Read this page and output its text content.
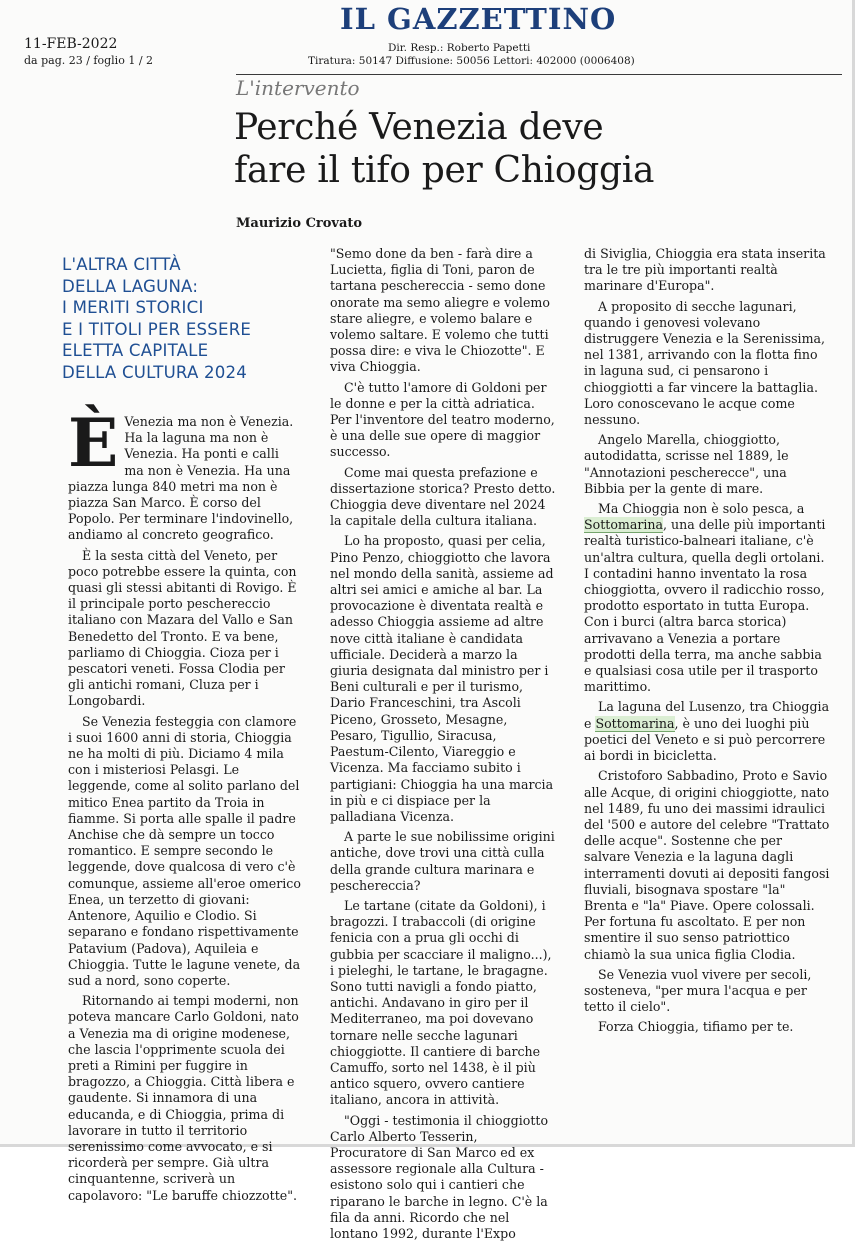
IL GAZZETTINO
11-FEB-2022
da pag. 23 / foglio 1 / 2
Dir. Resp.: Roberto Papetti
Tiratura: 50147 Diffusione: 50056 Lettori: 402000 (0006408)
L'intervento
Perché Venezia deve
fare il tifo per Chioggia
Maurizio Crovato
L'ALTRA CITTÀ
DELLA LAGUNA:
I MERITI STORICI
E I TITOLI PER ESSERE
ELETTA CAPITALE
DELLA CULTURA 2024

È Venezia ma non è Venezia. Ha la laguna ma non è Venezia. Ha ponti e calli ma non è Venezia. Ha una piazza lunga 840 metri ma non è piazza San Marco. È corso del Popolo. Per terminare l'indovinello, andiamo al concreto geografico.

È la sesta città del Veneto, per poco potrebbe essere la quinta, con quasi gli stessi abitanti di Rovigo. È il principale porto peschereccio italiano con Mazara del Vallo e San Benedetto del Tronto. E va bene, parliamo di Chioggia. Cioza per i pescatori veneti. Fossa Clodia per gli antichi romani, Cluza per i Longobardi.

Se Venezia festeggia con clamore i suoi 1600 anni di storia, Chioggia ne ha molti di più. Diciamo 4 mila con i misteriosi Pelasgi. Le leggende, come al solito parlano del mitico Enea partito da Troia in fiamme. Si porta alle spalle il padre Anchise che dà sempre un tocco romantico. E sempre secondo le leggende, dove qualcosa di vero c'è comunque, assieme all'eroe omerico Enea, un terzetto di giovani: Antenore, Aquilio e Clodio. Si separano e fondano rispettivamente Patavium (Padova), Aquileia e Chioggia. Tutte le lagune venete, da sud a nord, sono coperte.

Ritornando ai tempi moderni, non poteva mancare Carlo Goldoni, nato a Venezia ma di origine modenese, che lascia l'opprimente scuola dei preti a Rimini per fuggire in bragozzo, a Chioggia. Città libera e gaudente. Si innamora di una educanda, e di Chioggia, prima di lavorare in tutto il territorio serenissimo come avvocato, e si ricorderà per sempre. Già ultra cinquantenne, scriverà un capolavoro: "Le baruffe chiozzotte".

"Semo done da ben - farà dire a Lucietta, figlia di Toni, paron de tartana peschereccia - semo done onorate ma semo aliegre e volemo stare aliegre, e volemo balare e volemo saltare. E volemo che tutti possa dire: e viva le Chiozotte". E viva Chioggia.

C'è tutto l'amore di Goldoni per le donne e per la città adriatica. Per l'inventore del teatro moderno, è una delle sue opere di maggior successo.

Come mai questa prefazione e dissertazione storica? Presto detto. Chioggia deve diventare nel 2024 la capitale della cultura italiana.

Lo ha proposto, quasi per celia, Pino Penzo, chioggiotto che lavora nel mondo della sanità, assieme ad altri sei amici e amiche al bar. La provocazione è diventata realtà e adesso Chioggia assieme ad altre nove città italiane è candidata ufficiale. Deciderà a marzo la giuria designata dal ministro per i Beni culturali e per il turismo, Dario Franceschini, tra Ascoli Piceno, Grosseto, Mesagne, Pesaro, Tigullio, Siracusa, Paestum-Cilento, Viareggio e Vicenza. Ma facciamo subito i partigiani: Chioggia ha una marcia in più e ci dispiace per la palladiana Vicenza.

A parte le sue nobilissime origini antiche, dove trovi una città culla della grande cultura marinara e peschereccia?

Le tartane (citate da Goldoni), i bragozzi. I trabaccoli (di origine fenicia con a prua gli occhi di gubbia per scacciare il maligno...), i pieleghi, le tartane, le bragagne. Sono tutti navigli a fondo piatto, antichi. Andavano in giro per il Mediterraneo, ma poi dovevano tornare nelle secche lagunari chioggiotte. Il cantiere di barche Camuffo, sorto nel 1438, è il più antico squero, ovvero cantiere italiano, ancora in attività.

"Oggi - testimonia il chioggiotto Carlo Alberto Tesserin, Procuratore di San Marco ed ex assessore regionale alla Cultura - esistono solo qui i cantieri che riparano le barche in legno. C'è la fila da anni. Ricordo che nel lontano 1992, durante l'Expo

di Siviglia, Chioggia era stata inserita tra le tre più importanti realtà marinare d'Europa".

A proposito di secche lagunari, quando i genovesi volevano distruggere Venezia e la Serenissima, nel 1381, arrivando con la flotta fino in laguna sud, ci pensarono i chioggiotti a far vincere la battaglia. Loro conoscevano le acque come nessuno.

Angelo Marella, chioggiotto, autodidatta, scrisse nel 1889, le "Annotazioni pescherecce", una Bibbia per la gente di mare.

Ma Chioggia non è solo pesca, a Sottomarina, una delle più importanti realtà turistico-balneari italiane, c'è un'altra cultura, quella degli ortolani. I contadini hanno inventato la rosa chioggiotta, ovvero il radicchio rosso, prodotto esportato in tutta Europa. Con i burci (altra barca storica) arrivavano a Venezia a portare prodotti della terra, ma anche sabbia e qualsiasi cosa utile per il trasporto marittimo.

La laguna del Lusenzo, tra Chioggia e Sottomarina, è uno dei luoghi più poetici del Veneto e si può percorrere ai bordi in bicicletta.

Cristoforo Sabbadino, Proto e Savio alle Acque, di origini chioggiotte, nato nel 1489, fu uno dei massimi idraulici del '500 e autore del celebre "Trattato delle acque". Sostenne che per salvare Venezia e la laguna dagli interramenti dovuti ai depositi fangosi fluviali, bisognava spostare "la" Brenta e "la" Piave. Opere colossali. Per fortuna fu ascoltato. E per non smentire il suo senso patriottico chiamò la sua unica figlia Clodia.

Se Venezia vuol vivere per secoli, sosteneva, "per mura l'acqua e per tetto il cielo".

Forza Chioggia, tifiamo per te.
